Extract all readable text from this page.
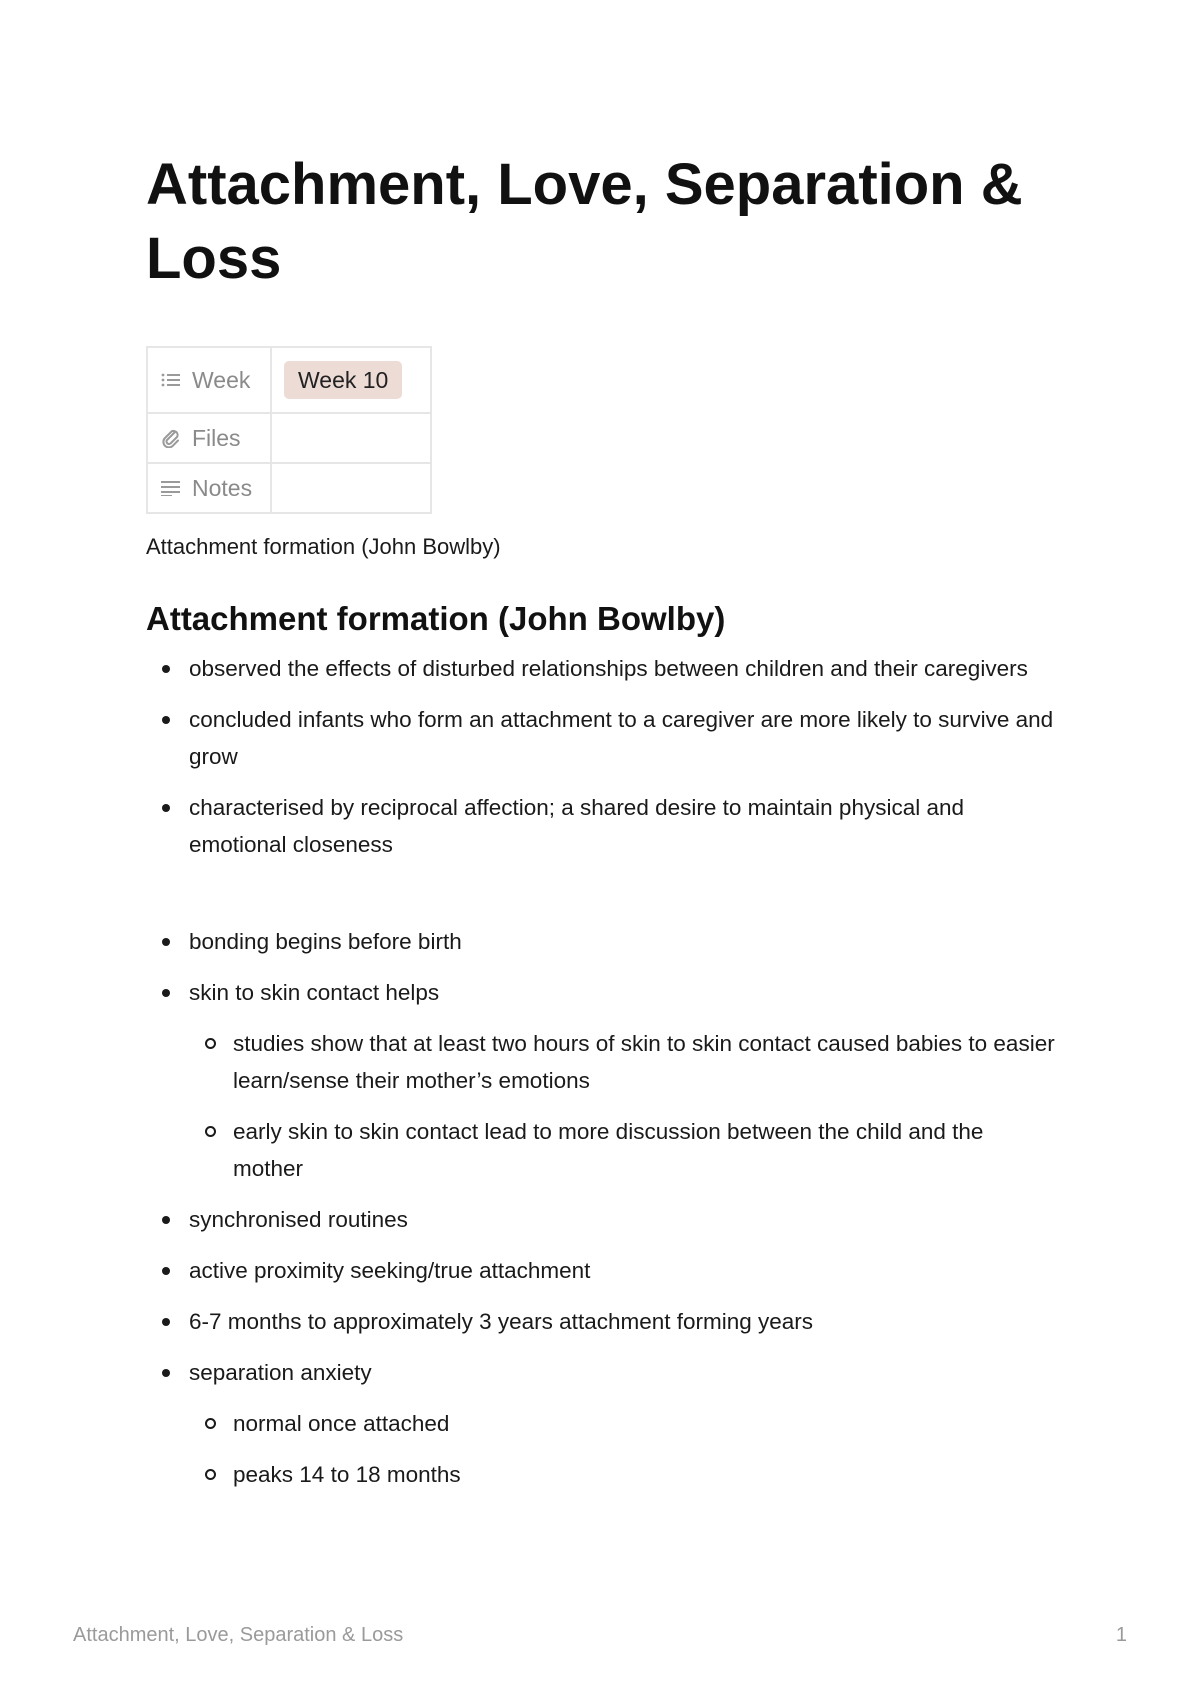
Attachment, Love, Separation & Loss
Week	Week 10

Files	

Notes	

Attachment formation (John Bowlby)
Attachment formation (John Bowlby)
observed the effects of disturbed relationships between children and their caregivers
concluded infants who form an attachment to a caregiver are more likely to survive and grow
characterised by reciprocal affection; a shared desire to maintain physical and emotional closeness
bonding begins before birth
skin to skin contact helps
studies show that at least two hours of skin to skin contact caused babies to easier learn/sense their mother’s emotions
early skin to skin contact lead to more discussion between the child and the mother
synchronised routines
active proximity seeking/true attachment
6-7 months to approximately 3 years attachment forming years
separation anxiety
normal once attached
peaks 14 to 18 months
Attachment, Love, Separation & Loss	1
